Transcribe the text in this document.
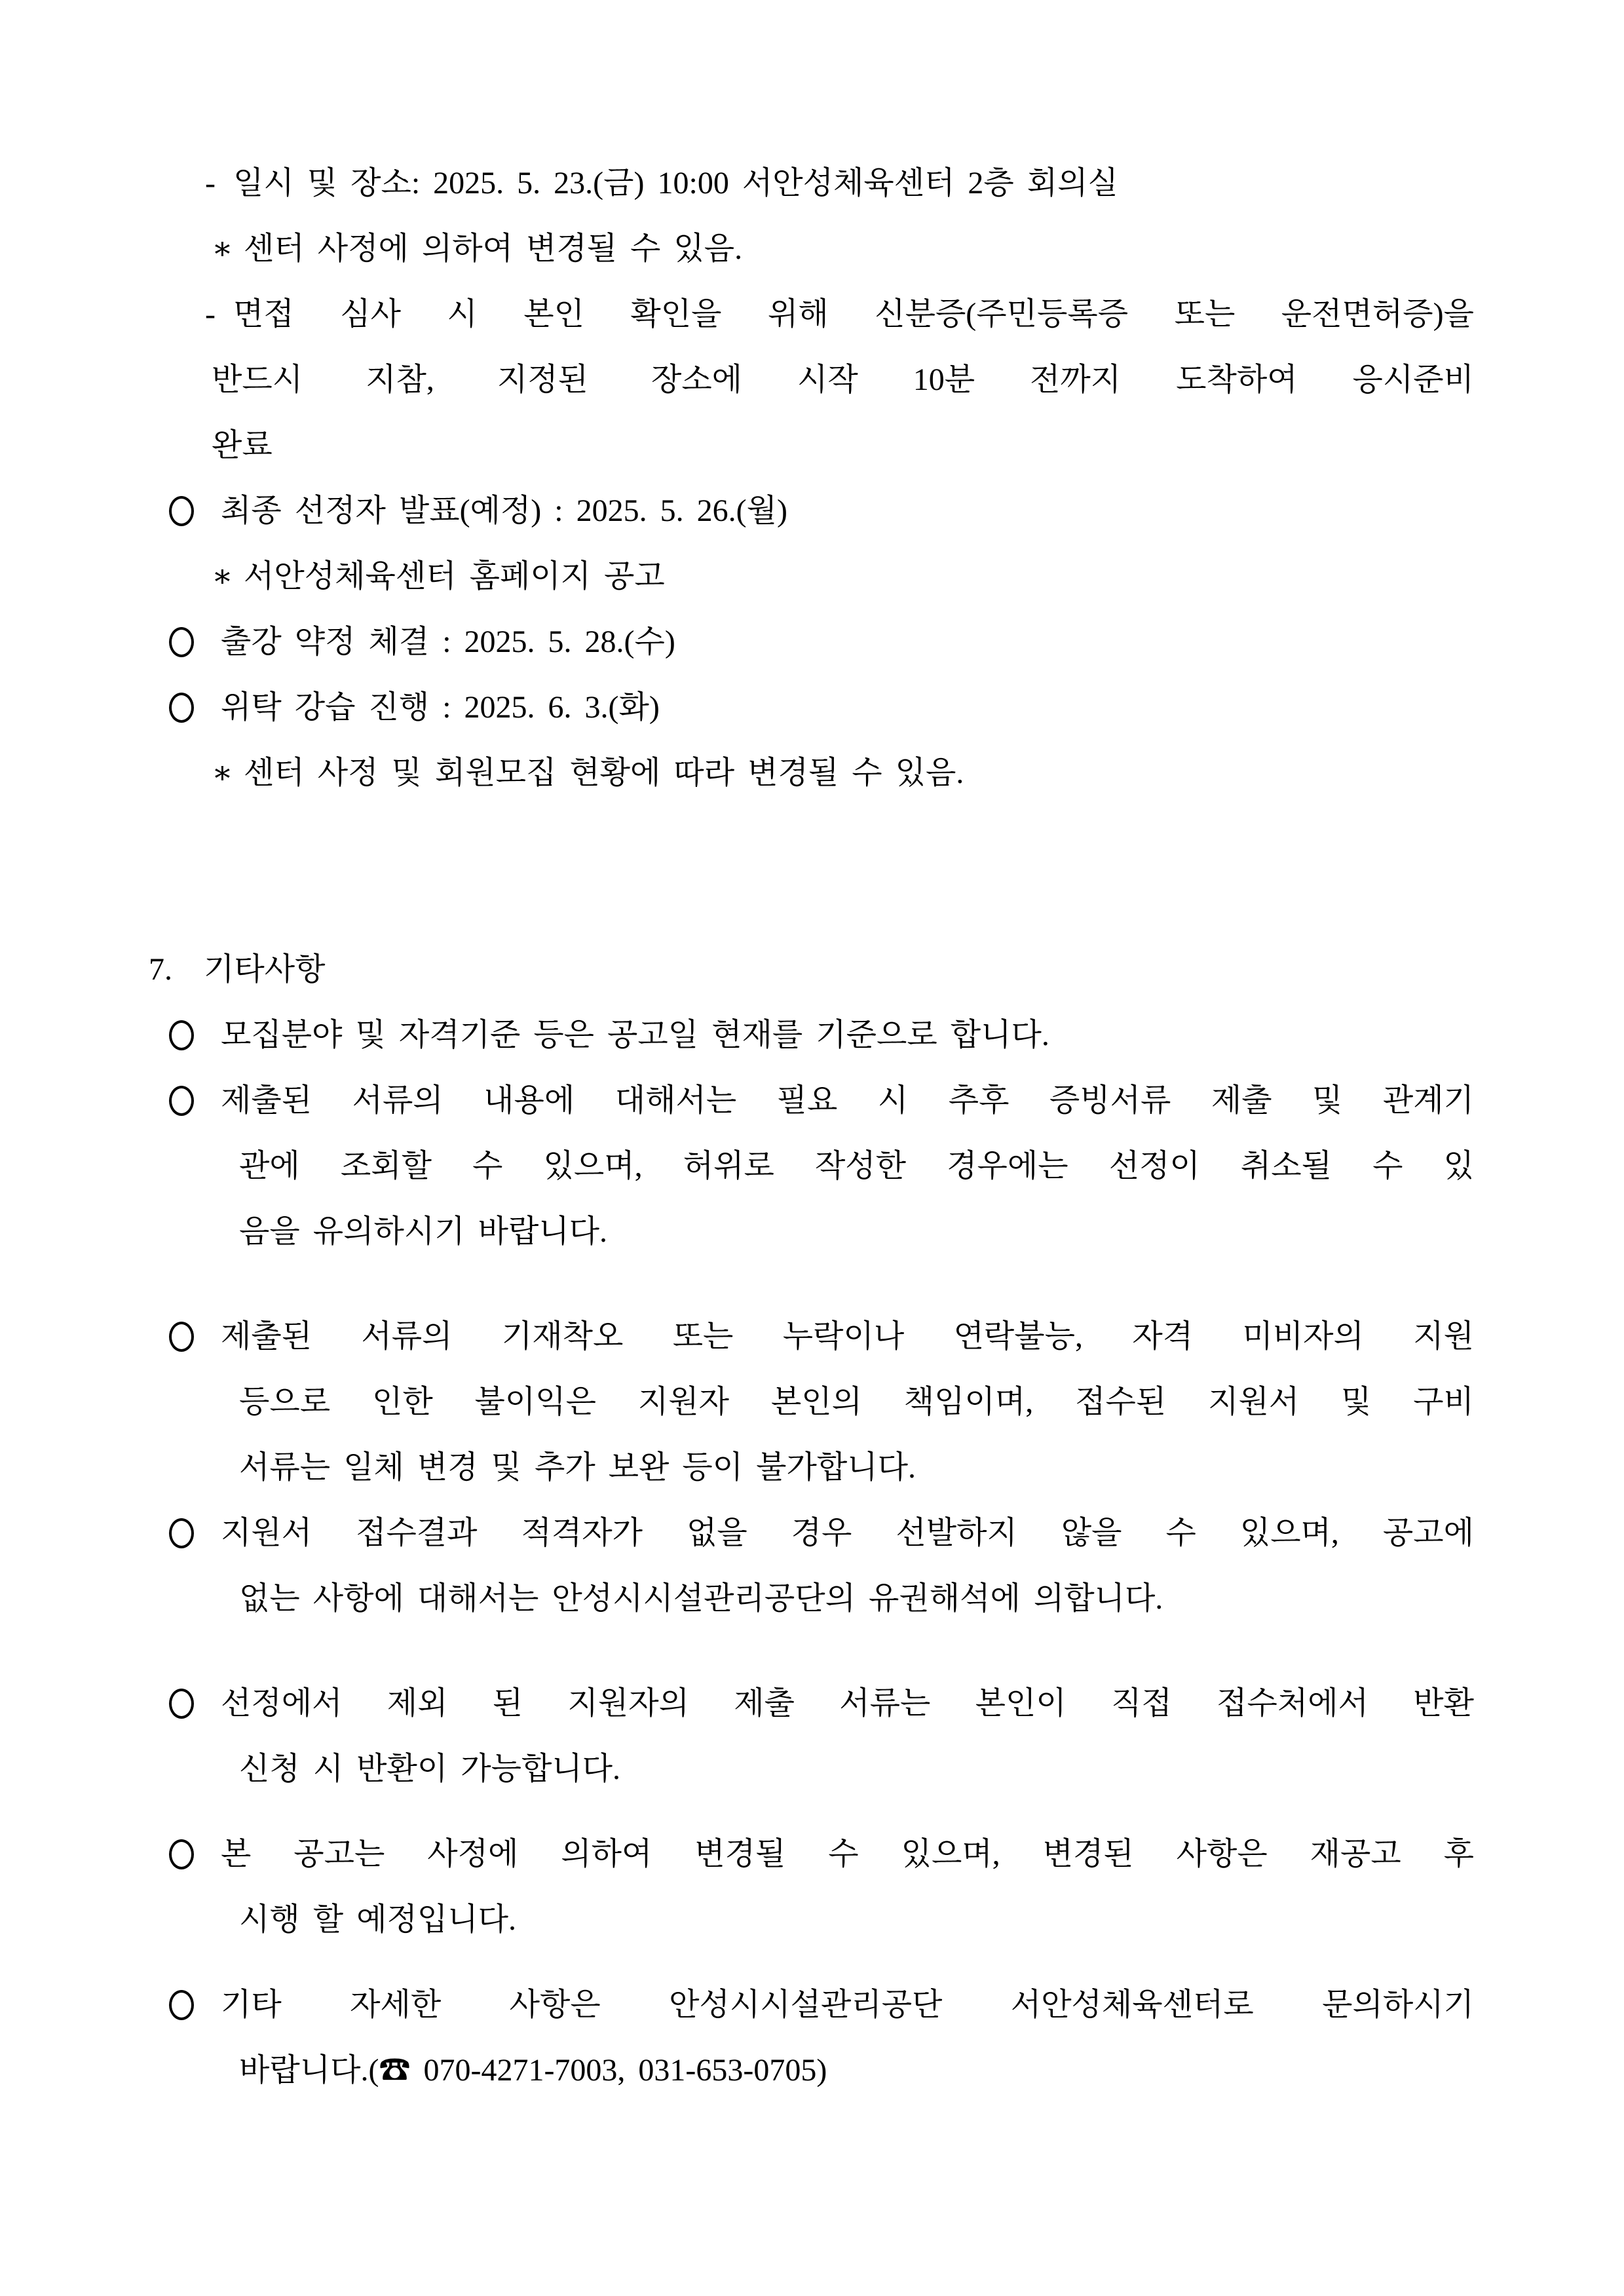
- 일시 및 장소: 2025. 5. 23.(금) 10:00 서안성체육센터 2층 회의실
∗ 센터 사정에 의하여 변경될 수 있음.
- 면접 심사 시 본인 확인을 위해 신분증(주민등록증 또는 운전면허증)을
반드시  지참,  지정된  장소에 시작 10분 전까지 도착하여 응시준비
완료
최종 선정자 발표(예정) : 2025. 5. 26.(월)
∗ 서안성체육센터 홈페이지 공고
출강 약정 체결 : 2025. 5. 28.(수)
위탁 강습 진행 : 2025. 6. 3.(화)
∗ 센터 사정 및 회원모집 현황에 따라 변경될 수 있음.
7. 기타사항
모집분야 및 자격기준 등은 공고일 현재를 기준으로 합니다.
제출된 서류의 내용에 대해서는 필요 시 추후 증빙서류 제출 및 관계기
관에 조회할 수 있으며, 허위로 작성한 경우에는 선정이 취소될 수 있
음을 유의하시기 바랍니다.
제출된 서류의 기재착오 또는 누락이나 연락불능, 자격 미비자의 지원
등으로 인한 불이익은 지원자 본인의 책임이며, 접수된 지원서 및 구비
서류는 일체 변경 및 추가 보완 등이 불가합니다.
지원서 접수결과 적격자가 없을 경우 선발하지 않을 수 있으며, 공고에
없는 사항에 대해서는 안성시시설관리공단의 유권해석에 의합니다.
선정에서 제외 된 지원자의 제출 서류는 본인이 직접 접수처에서 반환
신청 시 반환이 가능합니다.
본 공고는 사정에 의하여 변경될 수 있으며, 변경된 사항은 재공고 후
시행 할 예정입니다.
기타 자세한 사항은 안성시시설관리공단 서안성체육센터로 문의하시기
바랍니다.(☎ 070-4271-7003, 031-653-0705)
